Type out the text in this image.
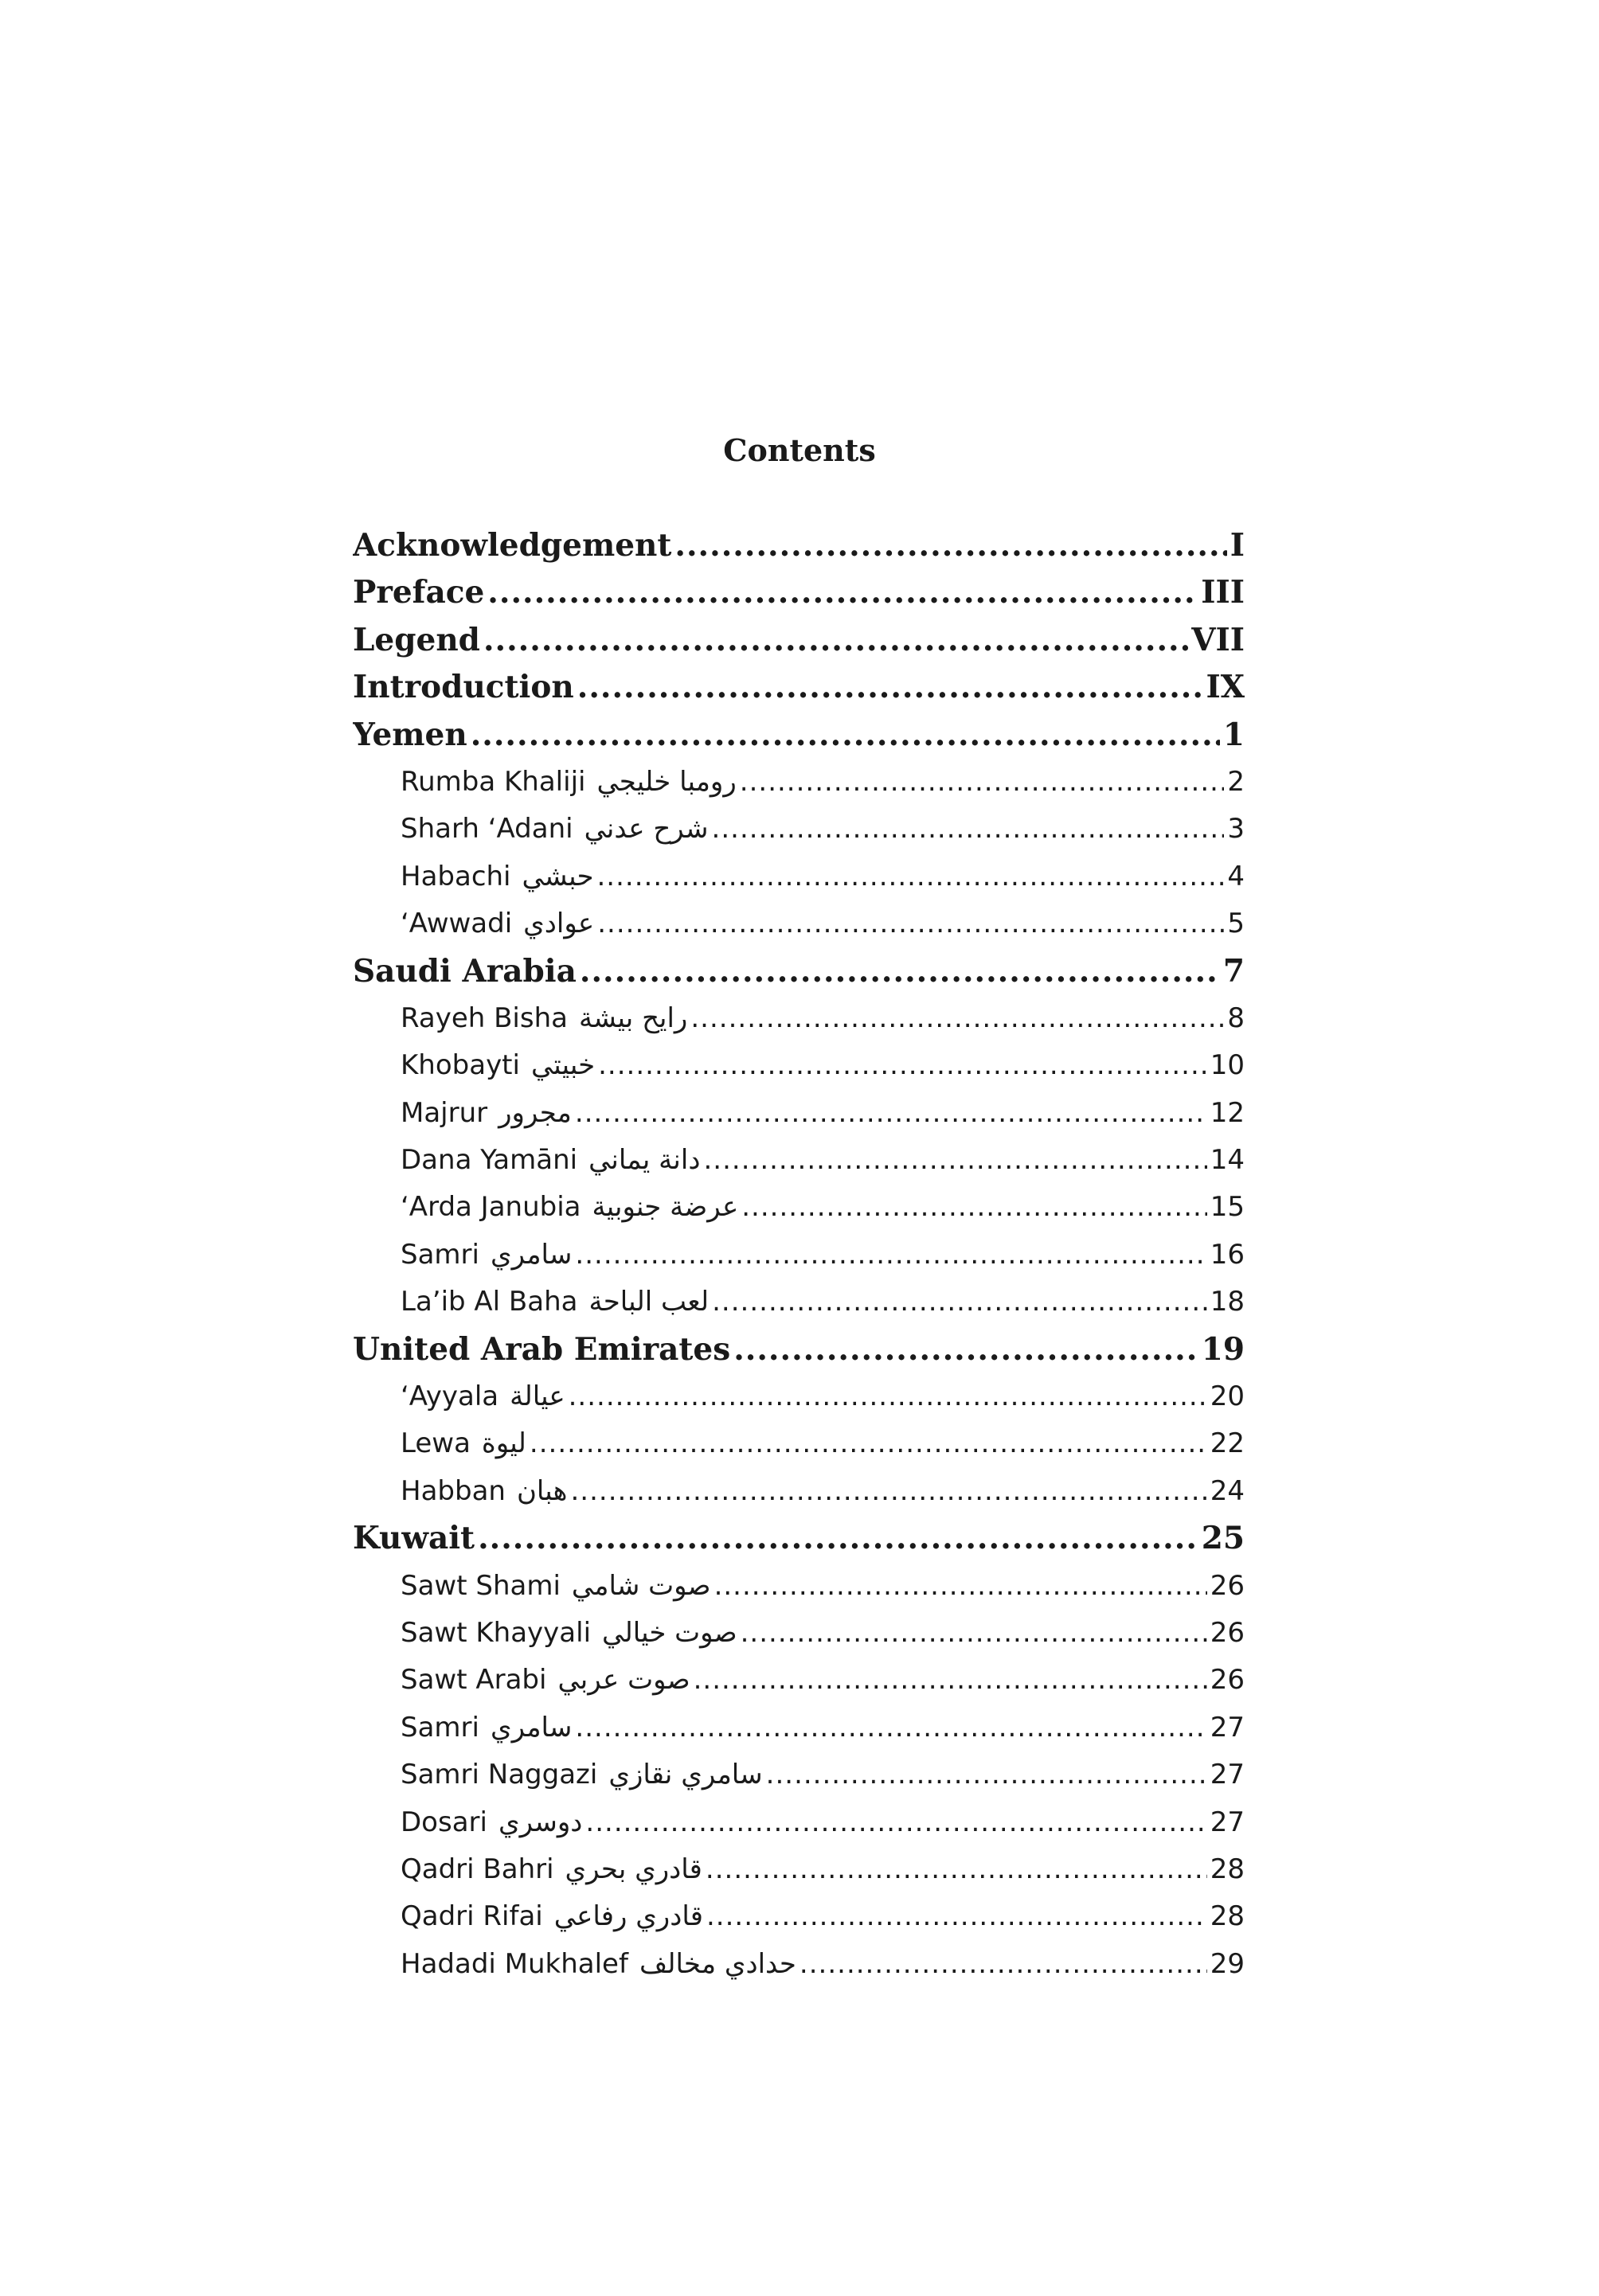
Contents
Acknowledgement .....	I
Preface .....	III
Legend .....	VII
Introduction .....	IX
Yemen .....	1
Rumba Khaliji رومبا خليجي .....	2
Sharh ‘Adani شرح عدني .....	3
Habachi حبشي .....	4
‘Awwadi عوادي .....	5
Saudi Arabia .....	7
Rayeh Bisha رايح بيشة .....	8
Khobayti خبيتي .....	10
Majrur مجرور .....	12
Dana Yamāni دانة يماني .....	14
‘Arda Janubia عرضة جنوبية .....	15
Samri سامري .....	16
La’ib Al Baha لعب الباحة .....	18
United Arab Emirates .....	19
‘Ayyala عيالة .....	20
Lewa ليوة .....	22
Habban هبان .....	24
Kuwait .....	25
Sawt Shami صوت شامي .....	26
Sawt Khayyali صوت خيالي .....	26
Sawt Arabi صوت عربي .....	26
Samri سامري .....	27
Samri Naggazi سامري نقازي .....	27
Dosari دوسري .....	27
Qadri Bahri قادري بحري .....	28
Qadri Rifai قادري رفاعي .....	28
Hadadi Mukhalef حدادي مخالف .....	29
